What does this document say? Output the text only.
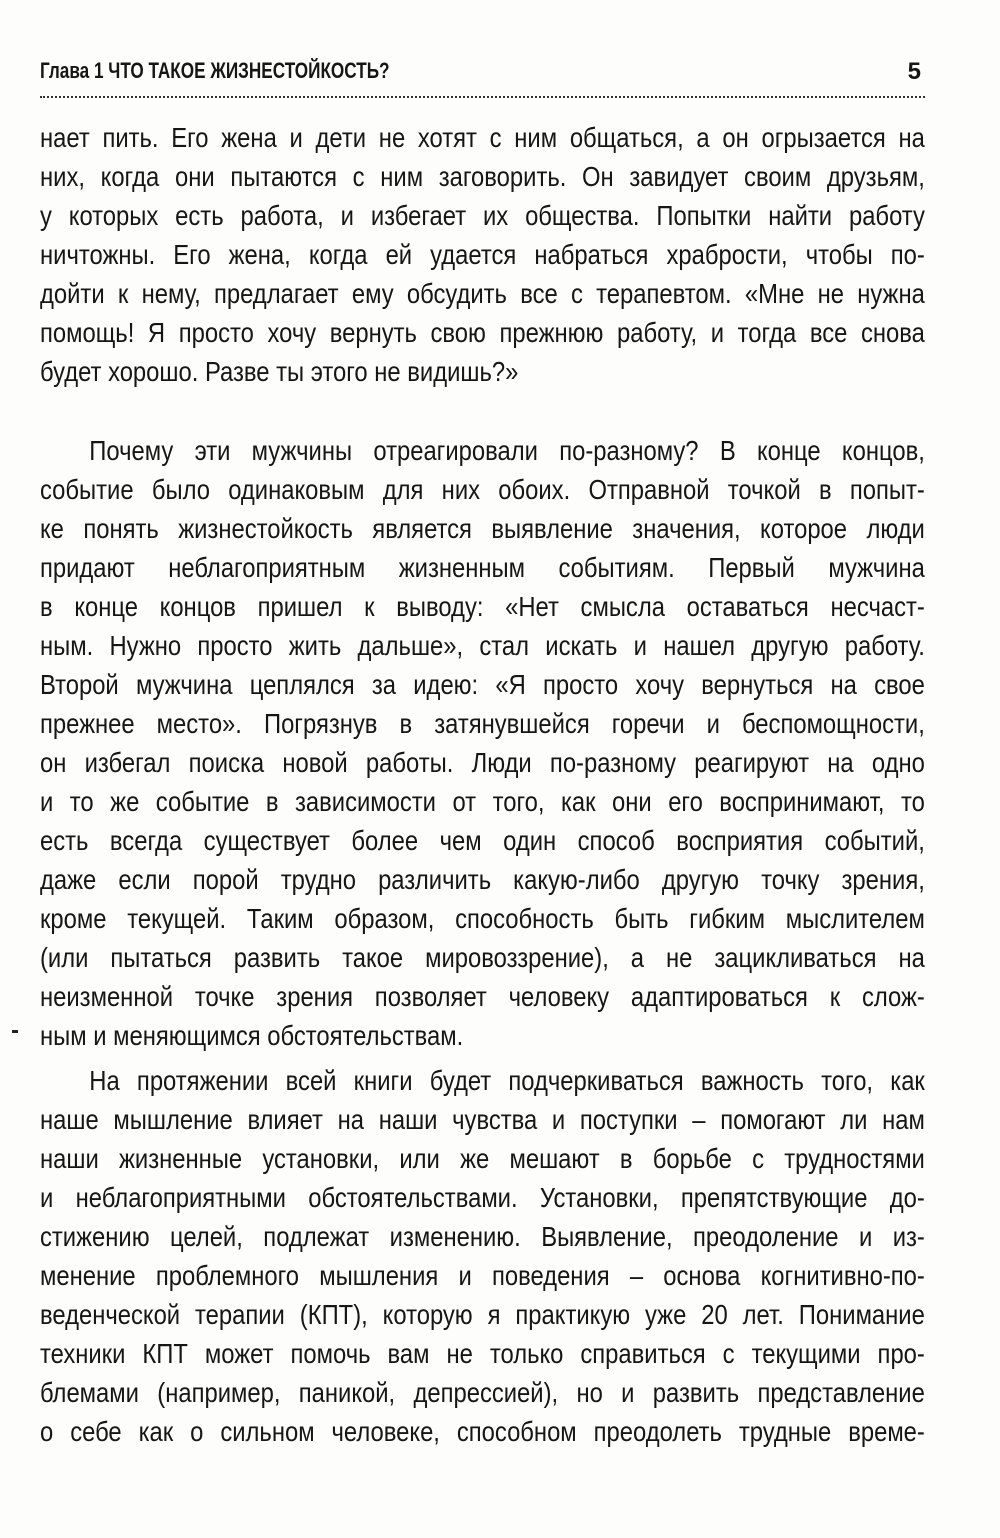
Глава 1 ЧТО ТАКОЕ ЖИЗНЕСТОЙКОСТЬ?	5

нает пить. Его жена и дети не хотят с ним общаться, а он огрызается на
них, когда они пытаются с ним заговорить. Он завидует своим друзьям,
у которых есть работа, и избегает их общества. Попытки найти работу
ничтожны. Его жена, когда ей удается набраться храбрости, чтобы по-
дойти к нему, предлагает ему обсудить все с терапевтом. «Мне не нужна
помощь! Я просто хочу вернуть свою прежнюю работу, и тогда все снова
будет хорошо. Разве ты этого не видишь?»

Почему эти мужчины отреагировали по-разному? В конце концов,
событие было одинаковым для них обоих. Отправной точкой в попыт-
ке понять жизнестойкость является выявление значения, которое люди
придают неблагоприятным жизненным событиям. Первый мужчина
в конце концов пришел к выводу: «Нет смысла оставаться несчаст-
ным. Нужно просто жить дальше», стал искать и нашел другую работу.
Второй мужчина цеплялся за идею: «Я просто хочу вернуться на свое
прежнее место». Погрязнув в затянувшейся горечи и беспомощности,
он избегал поиска новой работы. Люди по-разному реагируют на одно
и то же событие в зависимости от того, как они его воспринимают, то
есть всегда существует более чем один способ восприятия событий,
даже если порой трудно различить какую-либо другую точку зрения,
кроме текущей. Таким образом, способность быть гибким мыслителем
(или пытаться развить такое мировоззрение), а не зацикливаться на
неизменной точке зрения позволяет человеку адаптироваться к слож-
ным и меняющимся обстоятельствам.

На протяжении всей книги будет подчеркиваться важность того, как
наше мышление влияет на наши чувства и поступки – помогают ли нам
наши жизненные установки, или же мешают в борьбе с трудностями
и неблагоприятными обстоятельствами. Установки, препятствующие до-
стижению целей, подлежат изменению. Выявление, преодоление и из-
менение проблемного мышления и поведения – основа когнитивно-по-
веденческой терапии (КПТ), которую я практикую уже 20 лет. Понимание
техники КПТ может помочь вам не только справиться с текущими про-
блемами (например, паникой, депрессией), но и развить представление
о себе как о сильном человеке, способном преодолеть трудные време-
